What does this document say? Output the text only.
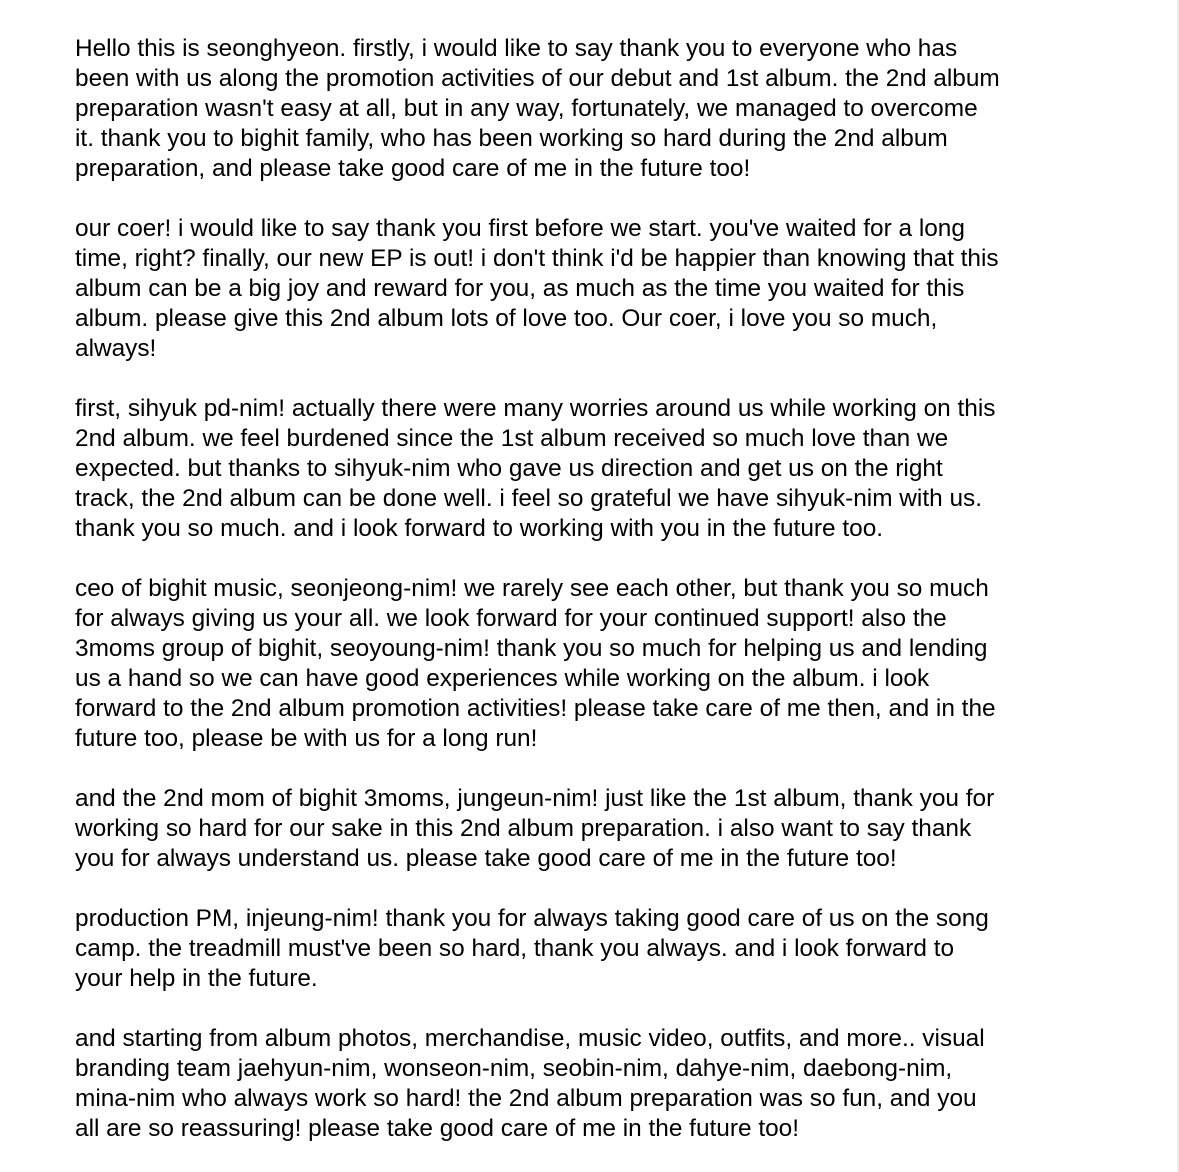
Hello this is seonghyeon. firstly, i would like to say thank you to everyone who has
been with us along the promotion activities of our debut and 1st album. the 2nd album
preparation wasn't easy at all, but in any way, fortunately, we managed to overcome
it. thank you to bighit family, who has been working so hard during the 2nd album
preparation, and please take good care of me in the future too!
our coer! i would like to say thank you first before we start. you've waited for a long
time, right? finally, our new EP is out! i don't think i'd be happier than knowing that this
album can be a big joy and reward for you, as much as the time you waited for this
album. please give this 2nd album lots of love too. Our coer, i love you so much,
always!
first, sihyuk pd-nim! actually there were many worries around us while working on this
2nd album. we feel burdened since the 1st album received so much love than we
expected. but thanks to sihyuk-nim who gave us direction and get us on the right
track, the 2nd album can be done well. i feel so grateful we have sihyuk-nim with us.
thank you so much. and i look forward to working with you in the future too.
ceo of bighit music, seonjeong-nim! we rarely see each other, but thank you so much
for always giving us your all. we look forward for your continued support! also the
3moms group of bighit, seoyoung-nim! thank you so much for helping us and lending
us a hand so we can have good experiences while working on the album. i look
forward to the 2nd album promotion activities! please take care of me then, and in the
future too, please be with us for a long run!
and the 2nd mom of bighit 3moms, jungeun-nim! just like the 1st album, thank you for
working so hard for our sake in this 2nd album preparation. i also want to say thank
you for always understand us. please take good care of me in the future too!
production PM, injeung-nim! thank you for always taking good care of us on the song
camp. the treadmill must've been so hard, thank you always. and i look forward to
your help in the future.
and starting from album photos, merchandise, music video, outfits, and more.. visual
branding team jaehyun-nim, wonseon-nim, seobin-nim, dahye-nim, daebong-nim,
mina-nim who always work so hard! the 2nd album preparation was so fun, and you
all are so reassuring! please take good care of me in the future too!
